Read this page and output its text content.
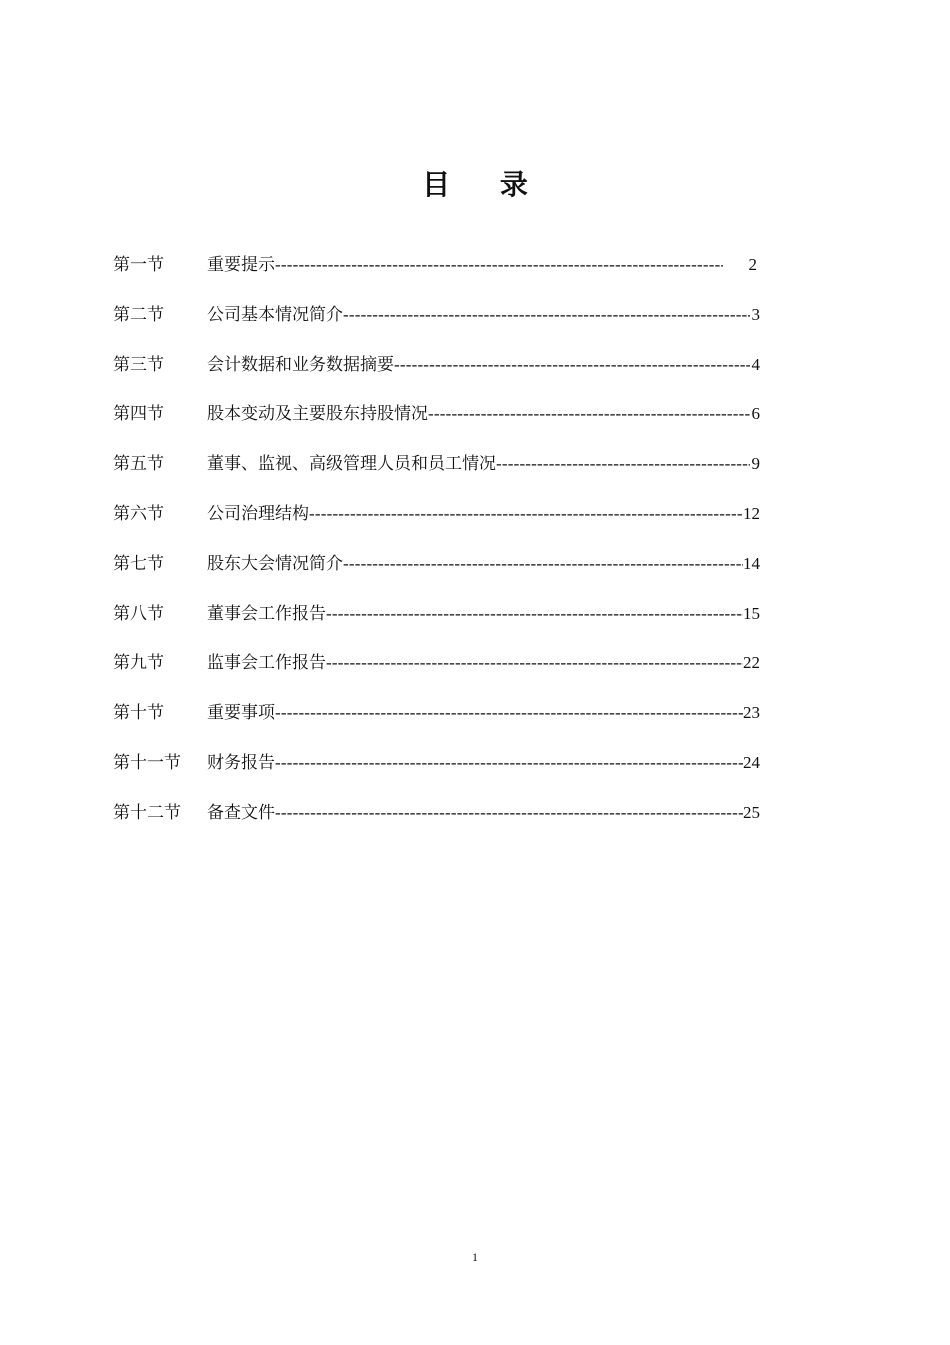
目 录
第一节	重要提示 -----	2
第二节	公司基本情况简介 -----	3
第三节	会计数据和业务数据摘要 -----	4
第四节	股本变动及主要股东持股情况 -----	6
第五节	董事、监视、高级管理人员和员工情况 -----	9
第六节	公司治理结构 -----	12
第七节	股东大会情况简介 -----	14
第八节	董事会工作报告 -----	15
第九节	监事会工作报告 -----	22
第十节	重要事项 -----	23
第十一节	财务报告 -----	24
第十二节	备查文件 -----	25
1
